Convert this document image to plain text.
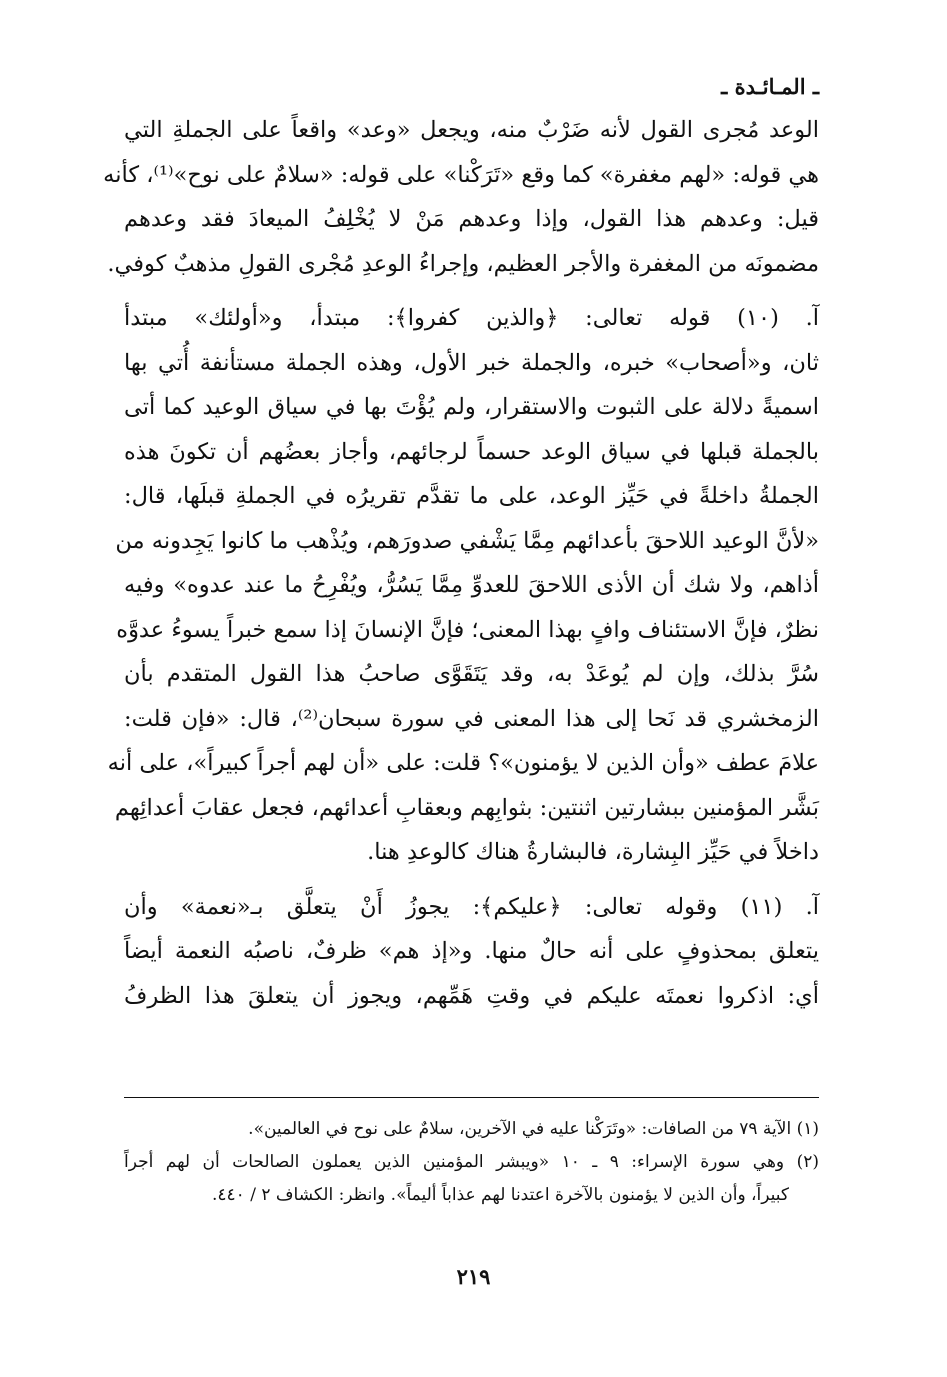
ـ المـائـدة ـ
الوعد مُجرى القول لأنه ضَرْبٌ منه، ويجعل «وعد» واقعاً على الجملةِ التي
هي قوله: «لهم مغفرة» كما وقع «تَرَكْنا» على قوله: «سلامٌ على نوح»⁽¹⁾، كأنه
قيل: وعدهم هذا القول، وإذا وعدهم مَنْ لا يُخْلِفُ الميعادَ فقد وعدهم
مضمونَه من المغفرة والأجر العظيم، وإجراءُ الوعدِ مُجْرى القولِ مذهبٌ كوفي.
آ. (١٠) قوله تعالى: ﴿والذين كفروا﴾: مبتدأ، و«أولئك» مبتدأ
ثان، و«أصحاب» خبره، والجملة خبر الأول، وهذه الجملة مستأنفة أُتي بها
اسميةً دلالة على الثبوت والاستقرار، ولم يُؤْتَ بها في سياق الوعيد كما أتى
بالجملة قبلها في سياق الوعد حسماً لرجائهم، وأجاز بعضُهم أن تكونَ هذه
الجملةُ داخلةً في حَيِّز الوعد، على ما تقدَّم تقريرُه في الجملةِ قبلَها، قال:
«لأنَّ الوعيد اللاحقَ بأعدائهم مِمَّا يَشْفي صدورَهم، ويُذْهب ما كانوا يَجِدونه من
أذاهم، ولا شك أن الأذى اللاحقَ للعدوِّ مِمَّا يَسُرُّ، ويُفْرِحُ ما عند عدوه» وفيه
نظرٌ، فإنَّ الاستئناف وافٍ بهذا المعنى؛ فإنَّ الإنسانَ إذا سمع خبراً يسوءُ عدوَّه
سُرَّ بذلك، وإن لم يُوعَدْ به، وقد يَتَقَوَّى صاحبُ هذا القول المتقدم بأن
الزمخشري قد نَحا إلى هذا المعنى في سورة سبحان⁽²⁾، قال: «فإن قلت:
علامَ عطف «وأن الذين لا يؤمنون»؟ قلت: على «أن لهم أجراً كبيراً»، على أنه
بَشَّر المؤمنين ببشارتين اثنتين: بثوابِهم وبعقابِ أعدائهم، فجعل عقابَ أعدائِهم
داخلاً في حَيِّز البِشارة، فالبشارةُ هناك كالوعدِ هنا.
آ. (١١) وقوله تعالى: ﴿عليكم﴾: يجوزُ أَنْ يتعلَّق بـ«نعمة» وأن
يتعلق بمحذوفٍ على أنه حالٌ منها. و«إذ هم» ظرفٌ، ناصبُه النعمة أيضاً
أي: اذكروا نعمتَه عليكم في وقتِ هَمِّهم، ويجوز أن يتعلقَ هذا الظرفُ
(١) الآية ٧٩ من الصافات: «وتَرَكْنا عليه في الآخرين، سلامٌ على نوح في العالمين».
(٢) وهي سورة الإسراء: ٩ ـ ١٠ «ويبشر المؤمنين الذين يعملون الصالحات أن لهم أجراً
كبيراً، وأن الذين لا يؤمنون بالآخرة اعتدنا لهم عذاباً أليماً». وانظر: الكشاف ٢ / ٤٤٠.
٢١٩
